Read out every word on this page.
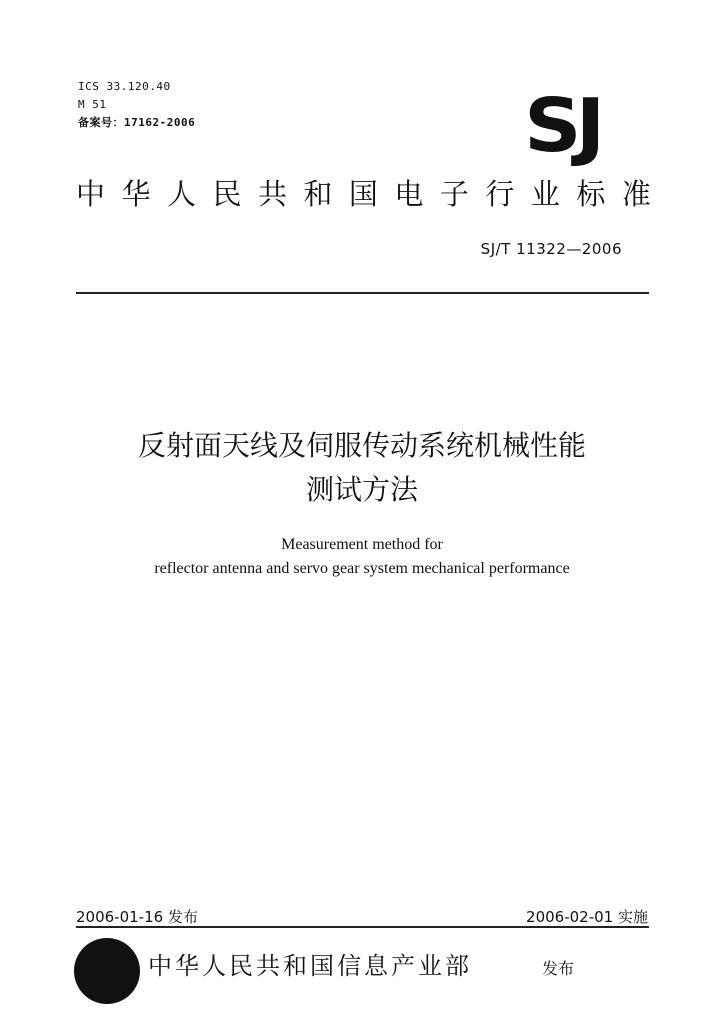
ICS 33.120.40
M 51
备案号：17162-2006	SJ
中 华 人 民 共 和 国 电 子 行 业 标 准
SJ/T 11322—2006
反射面天线及伺服传动系统机械性能
测试方法
Measurement method for
reflector antenna and servo gear system mechanical performance
2006-01-16 发布	2006-02-01 实施
中华人民共和国信息产业部	发布
